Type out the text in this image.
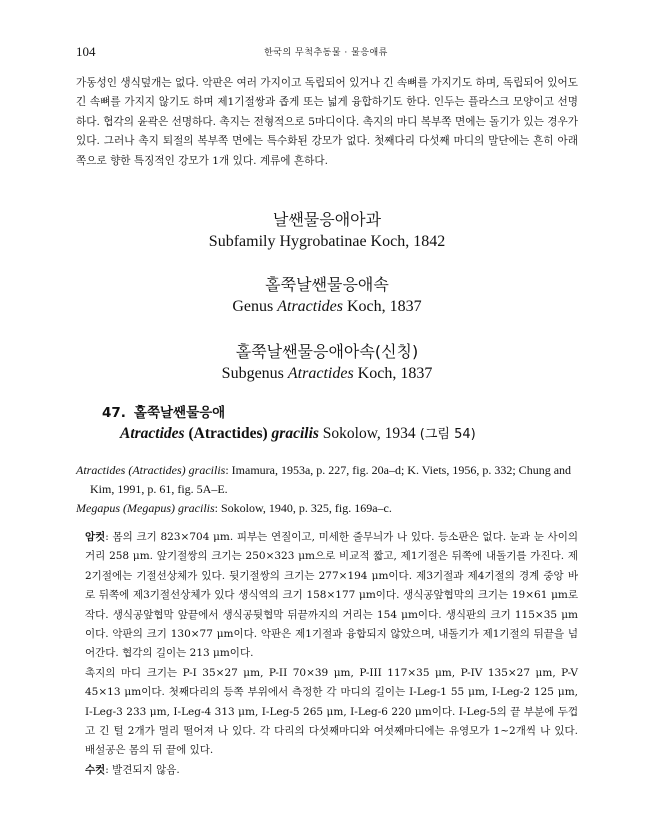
104	한국의 무척추동물 · 물응애류

가동성인 생식덮개는 없다. 악판은 여러 가지이고 독립되어 있거나 긴 속뼈를 가지기도 하며, 독립되어 있어도 긴 속뼈를 가지지 않기도 하며 제1기절쌍과 좁게 또는 넓게 융합하기도 한다. 인두는 플라스크 모양이고 선명하다. 협각의 윤곽은 선명하다. 촉지는 전형적으로 5마디이다. 촉지의 마디 복부쪽 면에는 돌기가 있는 경우가 있다. 그러나 촉지 퇴절의 복부쪽 면에는 특수화된 강모가 없다. 첫째다리 다섯째 마디의 말단에는 흔히 아래쪽으로 향한 특징적인 강모가 1개 있다. 계류에 흔하다.

날쌘물응애아과
Subfamily Hygrobatinae Koch, 1842
홀쭉날쌘물응애속
Genus Atractides Koch, 1837
홀쭉날쌘물응애아속(신칭)
Subgenus Atractides Koch, 1837
47. 홀쭉날쌘물응애
Atractides (Atractides) gracilis Sokolow, 1934 (그림 54)
Atractides (Atractides) gracilis: Imamura, 1953a, p. 227, fig. 20a–d; K. Viets, 1956, p. 332; Chung and
Kim, 1991, p. 61, fig. 5A–E.
Megapus (Megapus) gracilis: Sokolow, 1940, p. 325, fig. 169a–c.

암컷: 몸의 크기 823×704 μm. 피부는 연질이고, 미세한 줄무늬가 나 있다. 등소판은 없다. 눈과 눈 사이의 거리 258 μm. 앞기절쌍의 크기는 250×323 μm으로 비교적 짧고, 제1기절은 뒤쪽에 내돌기를 가진다. 제2기절에는 기절선상체가 있다. 뒷기절쌍의 크기는 277×194 μm이다. 제3기절과 제4기절의 경계 중앙 바로 뒤쪽에 제3기절선상체가 있다 생식역의 크기 158×177 μm이다. 생식공앞협막의 크기는 19×61 μm로 작다. 생식공앞협막 앞끝에서 생식공뒷협막 뒤끝까지의 거리는 154 μm이다. 생식판의 크기 115×35 μm이다. 악판의 크기 130×77 μm이다. 악판은 제1기절과 융합되지 않았으며, 내돌기가 제1기절의 뒤끝을 넘어간다. 협각의 길이는 213 μm이다.

촉지의 마디 크기는 P-I 35×27 μm, P-II 70×39 μm, P-III 117×35 μm, P-IV 135×27 μm, P-V 45×13 μm이다. 첫째다리의 등쪽 부위에서 측정한 각 마디의 길이는 I-Leg-1 55 μm, I-Leg-2 125 μm, I-Leg-3 233 μm, I-Leg-4 313 μm, I-Leg-5 265 μm, I-Leg-6 220 μm이다. I-Leg-5의 끝 부분에 두껍고 긴 털 2개가 멀리 떨어져 나 있다. 각 다리의 다섯째마디와 여섯째마디에는 유영모가 1~2개씩 나 있다. 배설공은 몸의 뒤 끝에 있다.

수컷: 발견되지 않음.
